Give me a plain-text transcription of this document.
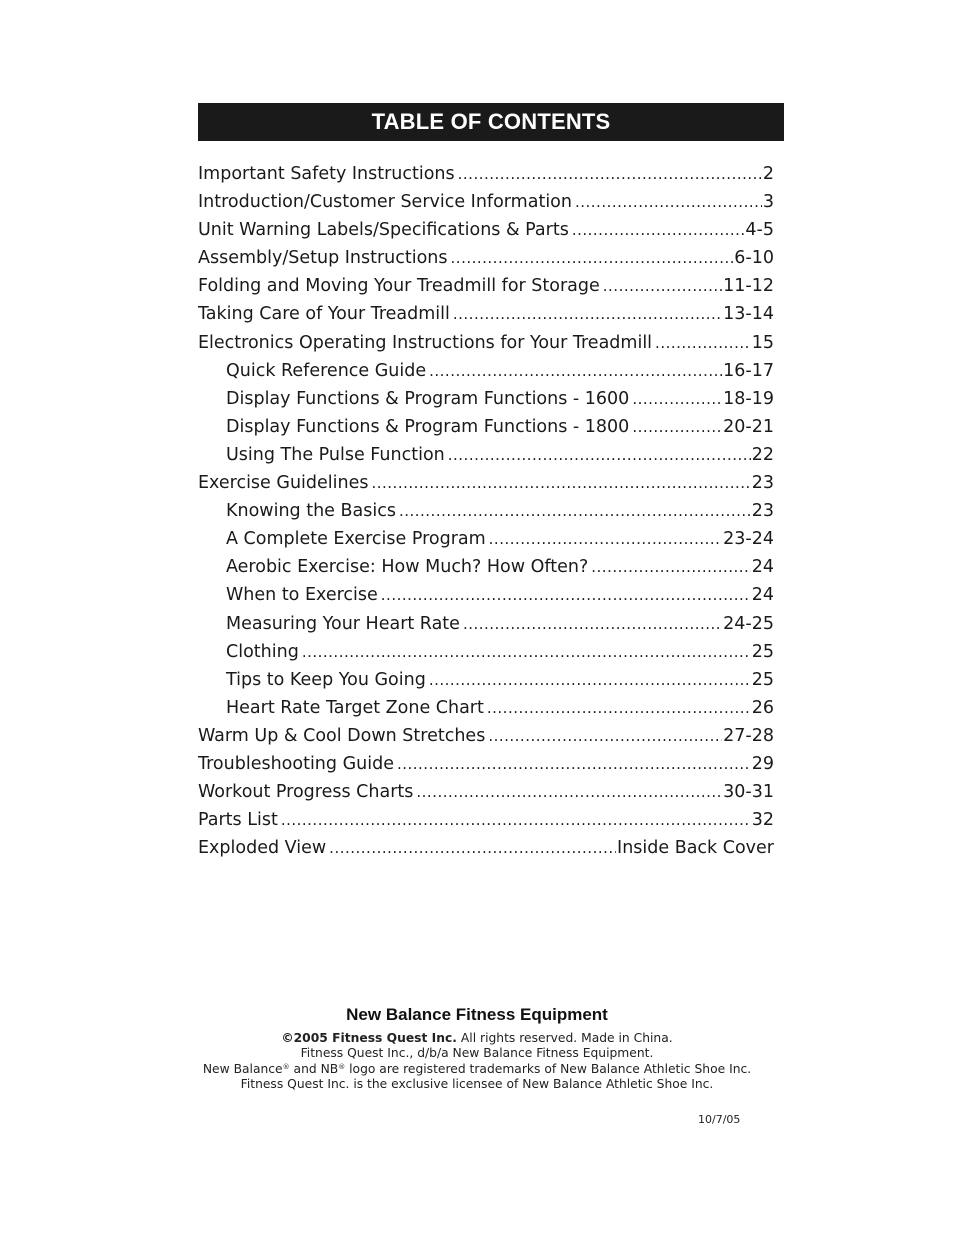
TABLE OF CONTENTS
Important Safety Instructions .....	2
Introduction/Customer Service Information .....	3
Unit Warning Labels/Specifications & Parts .....	4-5
Assembly/Setup Instructions .....	6-10
Folding and Moving Your Treadmill for Storage .....	11-12
Taking Care of Your Treadmill .....	13-14
Electronics Operating Instructions for Your Treadmill .....	15
Quick Reference Guide .....	16-17
Display Functions & Program Functions - 1600 .....	18-19
Display Functions & Program Functions - 1800 .....	20-21
Using The Pulse Function .....	22
Exercise Guidelines .....	23
Knowing the Basics .....	23
A Complete Exercise Program .....	23-24
Aerobic Exercise: How Much? How Often? .....	24
When to Exercise .....	24
Measuring Your Heart Rate .....	24-25
Clothing .....	25
Tips to Keep You Going .....	25
Heart Rate Target Zone Chart .....	26
Warm Up & Cool Down Stretches .....	27-28
Troubleshooting Guide .....	29
Workout Progress Charts .....	30-31
Parts List .....	32
Exploded View .....	Inside Back Cover
New Balance Fitness Equipment
©2005 Fitness Quest Inc. All rights reserved. Made in China.
Fitness Quest Inc., d/b/a New Balance Fitness Equipment.
New Balance® and NB® logo are registered trademarks of New Balance Athletic Shoe Inc.
Fitness Quest Inc. is the exclusive licensee of New Balance Athletic Shoe Inc.
10/7/05
